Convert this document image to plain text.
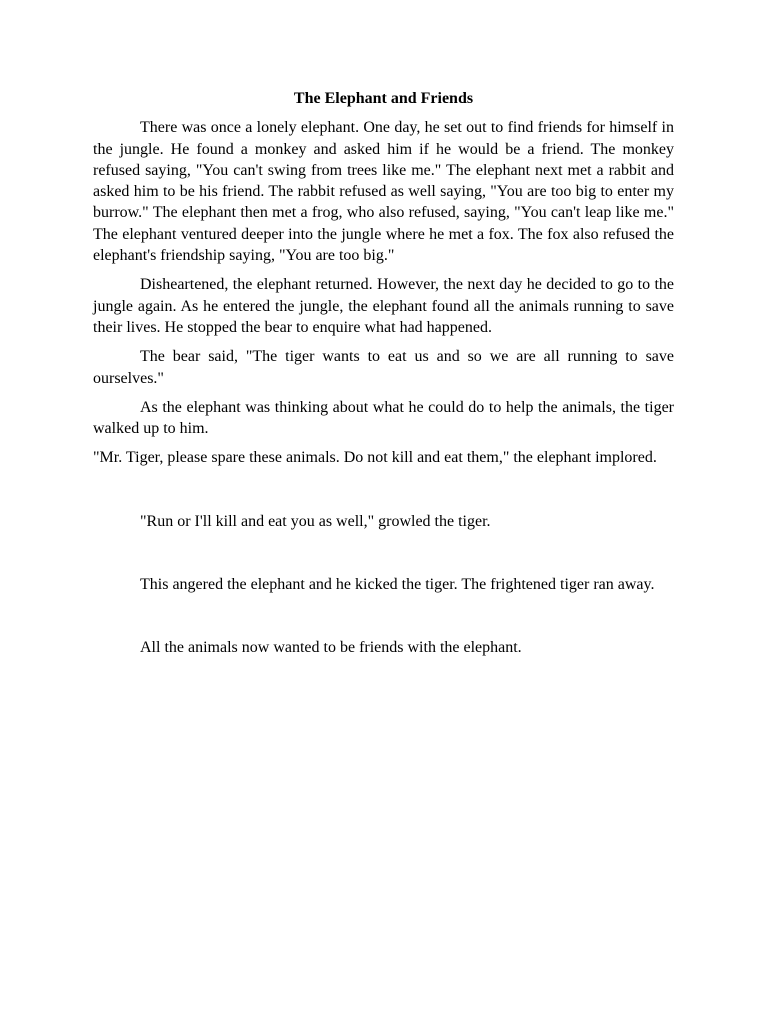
The Elephant and Friends

There was once a lonely elephant. One day, he set out to find friends for himself in the jungle. He found a monkey and asked him if he would be a friend. The monkey refused saying, "You can't swing from trees like me." The elephant next met a rabbit and asked him to be his friend. The rabbit refused as well saying, "You are too big to enter my burrow." The elephant then met a frog, who also refused, saying, "You can't leap like me." The elephant ventured deeper into the jungle where he met a fox. The fox also refused the elephant's friendship saying, "You are too big."

Disheartened, the elephant returned. However, the next day he decided to go to the jungle again. As he entered the jungle, the elephant found all the animals running to save their lives. He stopped the bear to enquire what had happened.

The bear said, "The tiger wants to eat us and so we are all running to save ourselves."

As the elephant was thinking about what he could do to help the animals, the tiger walked up to him.

"Mr. Tiger, please spare these animals. Do not kill and eat them," the elephant implored.

"Run or I'll kill and eat you as well," growled the tiger.

This angered the elephant and he kicked the tiger. The frightened tiger ran away.

All the animals now wanted to be friends with the elephant.
